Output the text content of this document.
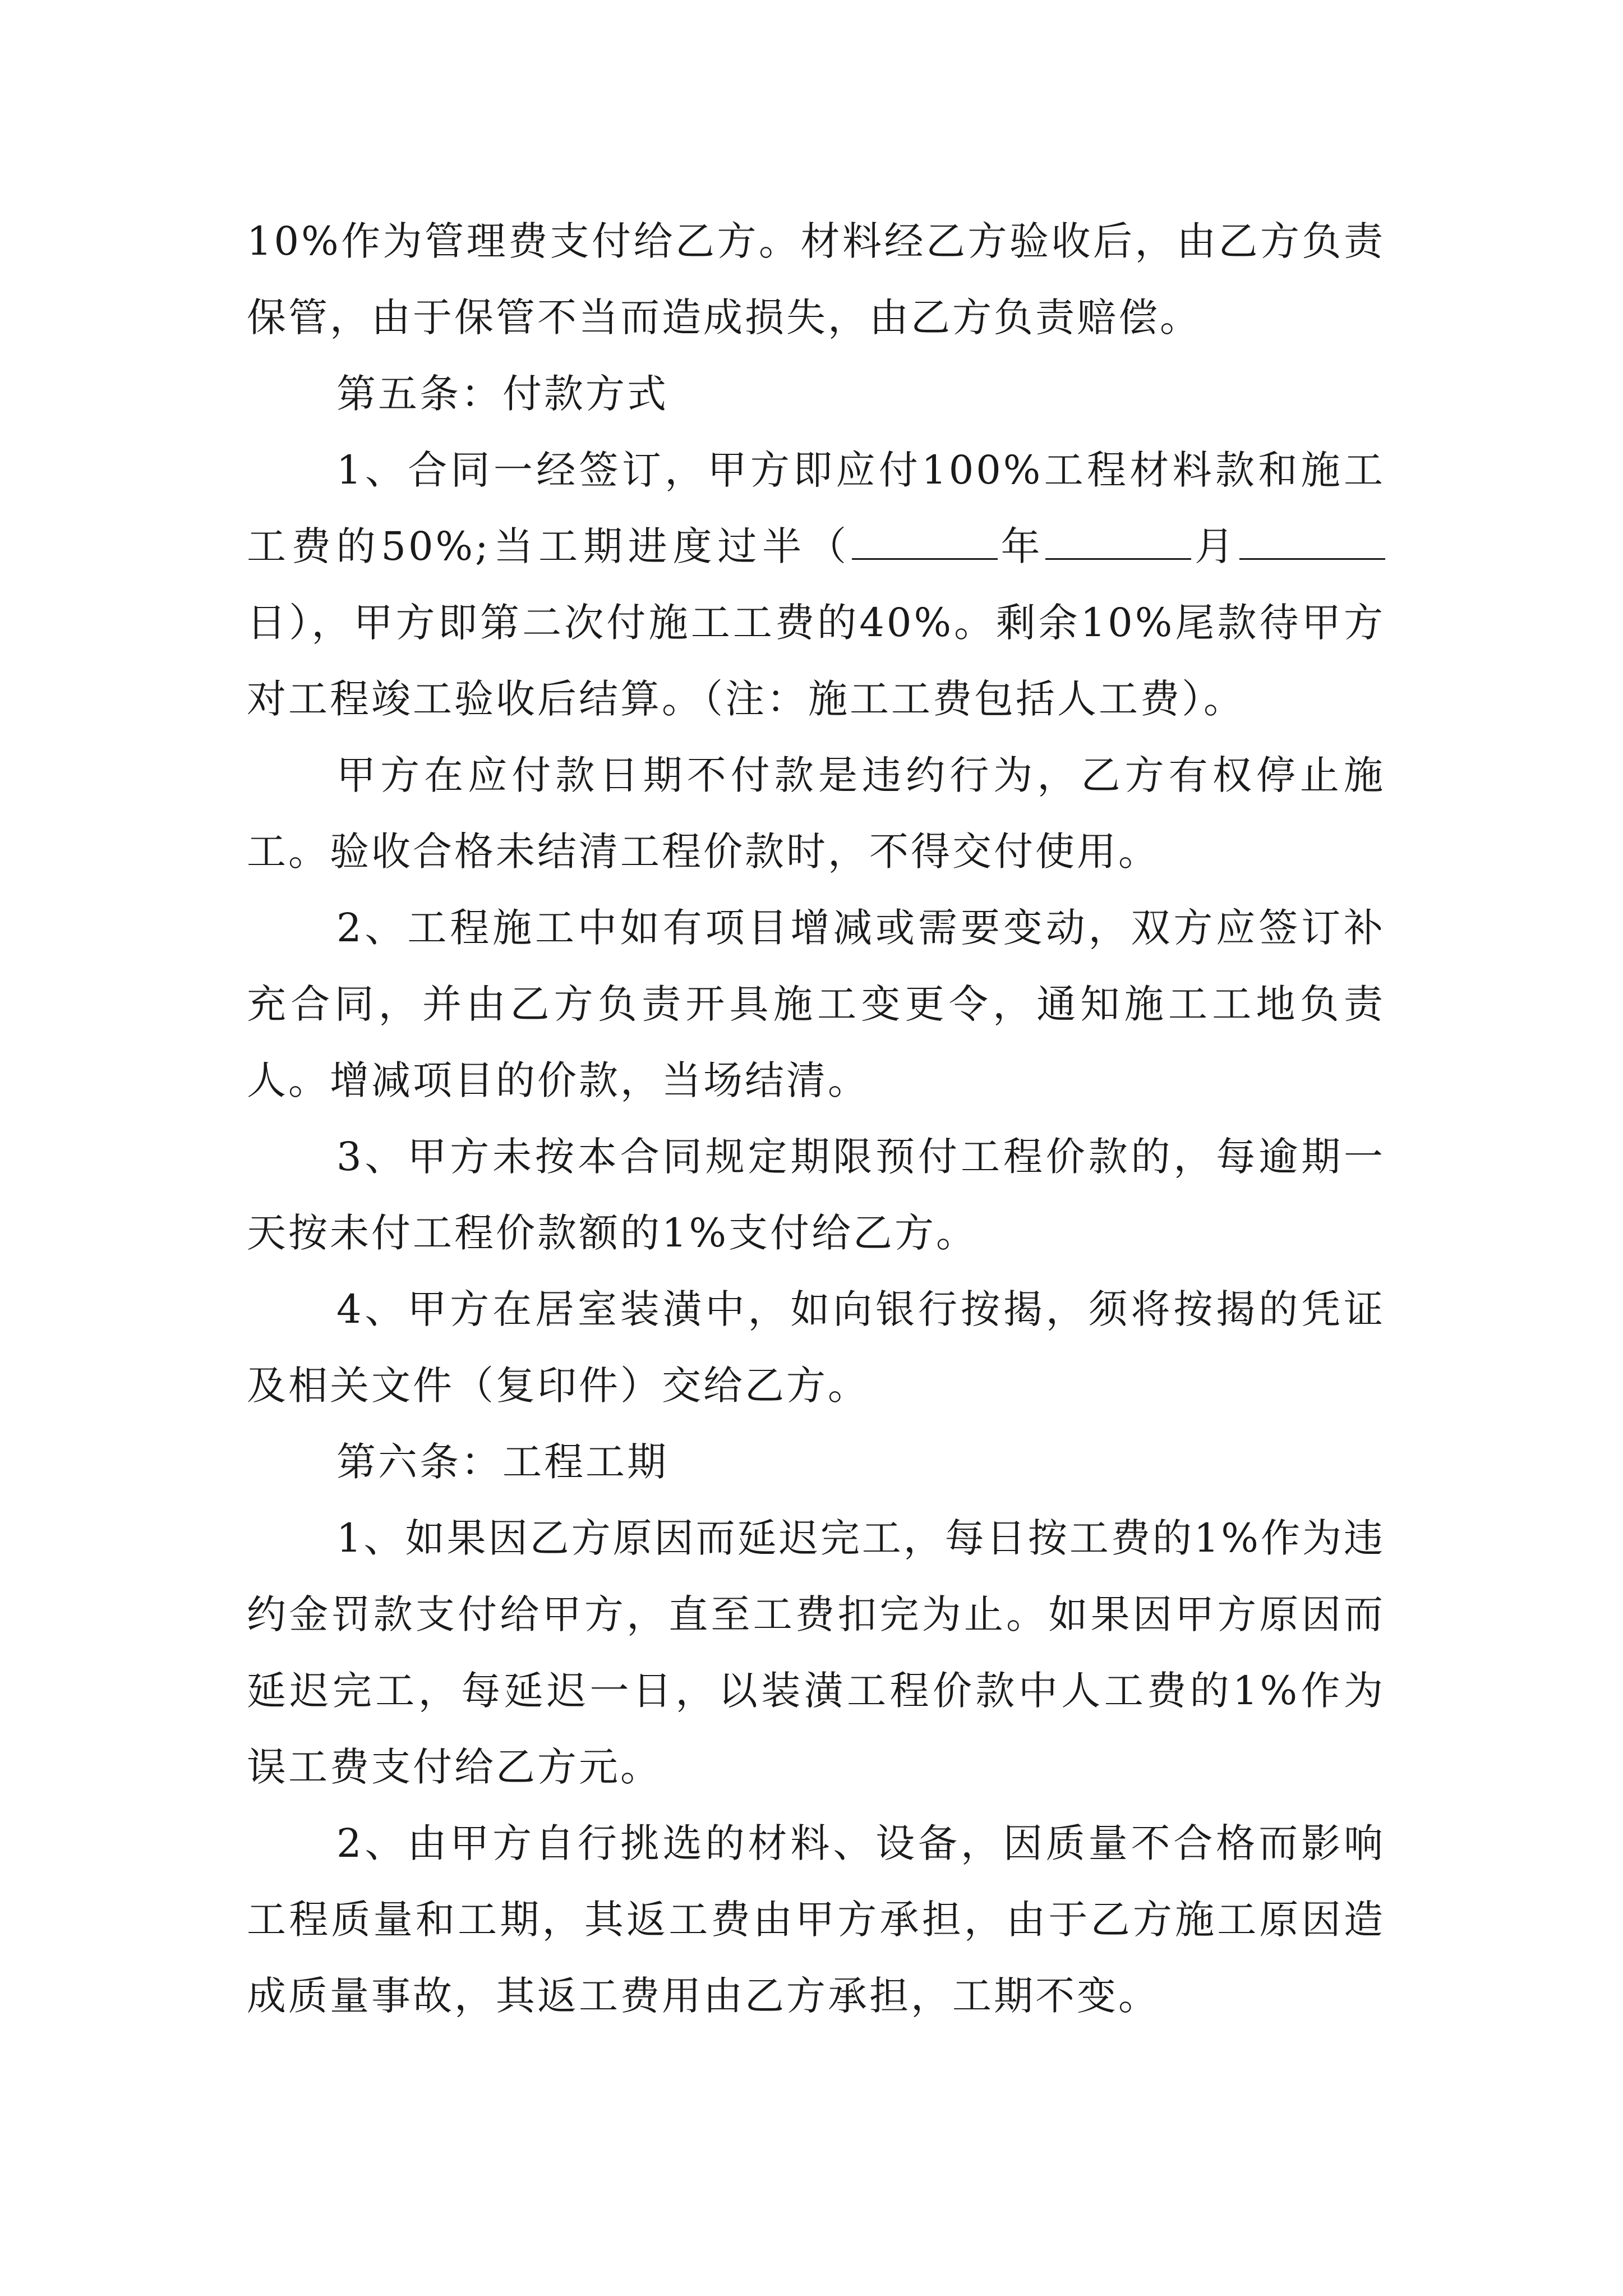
10%作为管理费支付给乙方。材料经乙方验收后，由乙方负责保管，由于保管不当而造成损失，由乙方负责赔偿。

第五条：付款方式

1、合同一经签订，甲方即应付100%工程材料款和施工工费的50%;当工期进度过半（	年	月日），甲方即第二次付施工工费的40%。剩余10%尾款待甲方对工程竣工验收后结算。（注：施工工费包括人工费）。

甲方在应付款日期不付款是违约行为，乙方有权停止施工。验收合格未结清工程价款时，不得交付使用。

2、工程施工中如有项目增减或需要变动，双方应签订补充合同，并由乙方负责开具施工变更令，通知施工工地负责人。增减项目的价款，当场结清。

3、甲方未按本合同规定期限预付工程价款的，每逾期一天按未付工程价款额的1%支付给乙方。

4、甲方在居室装潢中，如向银行按揭，须将按揭的凭证及相关文件（复印件）交给乙方。

第六条：工程工期

1、如果因乙方原因而延迟完工，每日按工费的1%作为违约金罚款支付给甲方，直至工费扣完为止。如果因甲方原因而延迟完工，每延迟一日，以装潢工程价款中人工费的1%作为误工费支付给乙方元。

2、由甲方自行挑选的材料、设备，因质量不合格而影响工程质量和工期，其返工费由甲方承担，由于乙方施工原因造成质量事故，其返工费用由乙方承担，工期不变。
